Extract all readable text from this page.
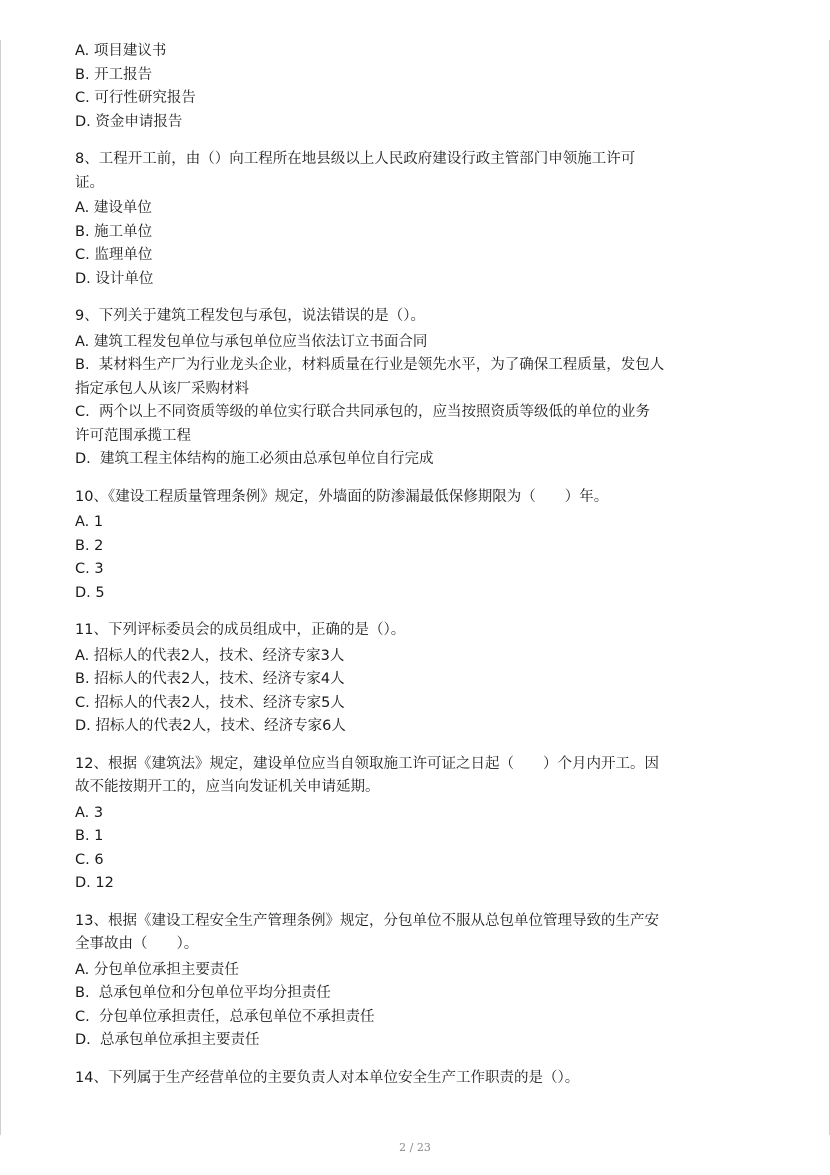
A. 项目建议书
B. 开工报告
C. 可行性研究报告
D. 资金申请报告
8、工程开工前，由（）向工程所在地县级以上人民政府建设行政主管部门申领施工许可
证。
A. 建设单位
B. 施工单位
C. 监理单位
D. 设计单位
9、下列关于建筑工程发包与承包，说法错误的是（）。
A. 建筑工程发包单位与承包单位应当依法订立书面合同
B.  某材料生产厂为行业龙头企业，材料质量在行业是领先水平，为了确保工程质量，发包人
指定承包人从该厂采购材料
C.  两个以上不同资质等级的单位实行联合共同承包的，应当按照资质等级低的单位的业务
许可范围承揽工程
D.  建筑工程主体结构的施工必须由总承包单位自行完成
10、《建设工程质量管理条例》规定，外墙面的防渗漏最低保修期限为（　　）年。
A. 1
B. 2
C. 3
D. 5
11、下列评标委员会的成员组成中，正确的是（）。
A. 招标人的代表2人，技术、经济专家3人
B. 招标人的代表2人，技术、经济专家4人
C. 招标人的代表2人，技术、经济专家5人
D. 招标人的代表2人，技术、经济专家6人
12、根据《建筑法》规定，建设单位应当自领取施工许可证之日起（　　）个月内开工。因
故不能按期开工的，应当向发证机关申请延期。
A. 3
B. 1
C. 6
D. 12
13、根据《建设工程安全生产管理条例》规定，分包单位不服从总包单位管理导致的生产安
全事故由（　　）。
A. 分包单位承担主要责任
B.  总承包单位和分包单位平均分担责任
C.  分包单位承担责任，总承包单位不承担责任
D.  总承包单位承担主要责任
14、下列属于生产经营单位的主要负责人对本单位安全生产工作职责的是（）。
2 / 23
